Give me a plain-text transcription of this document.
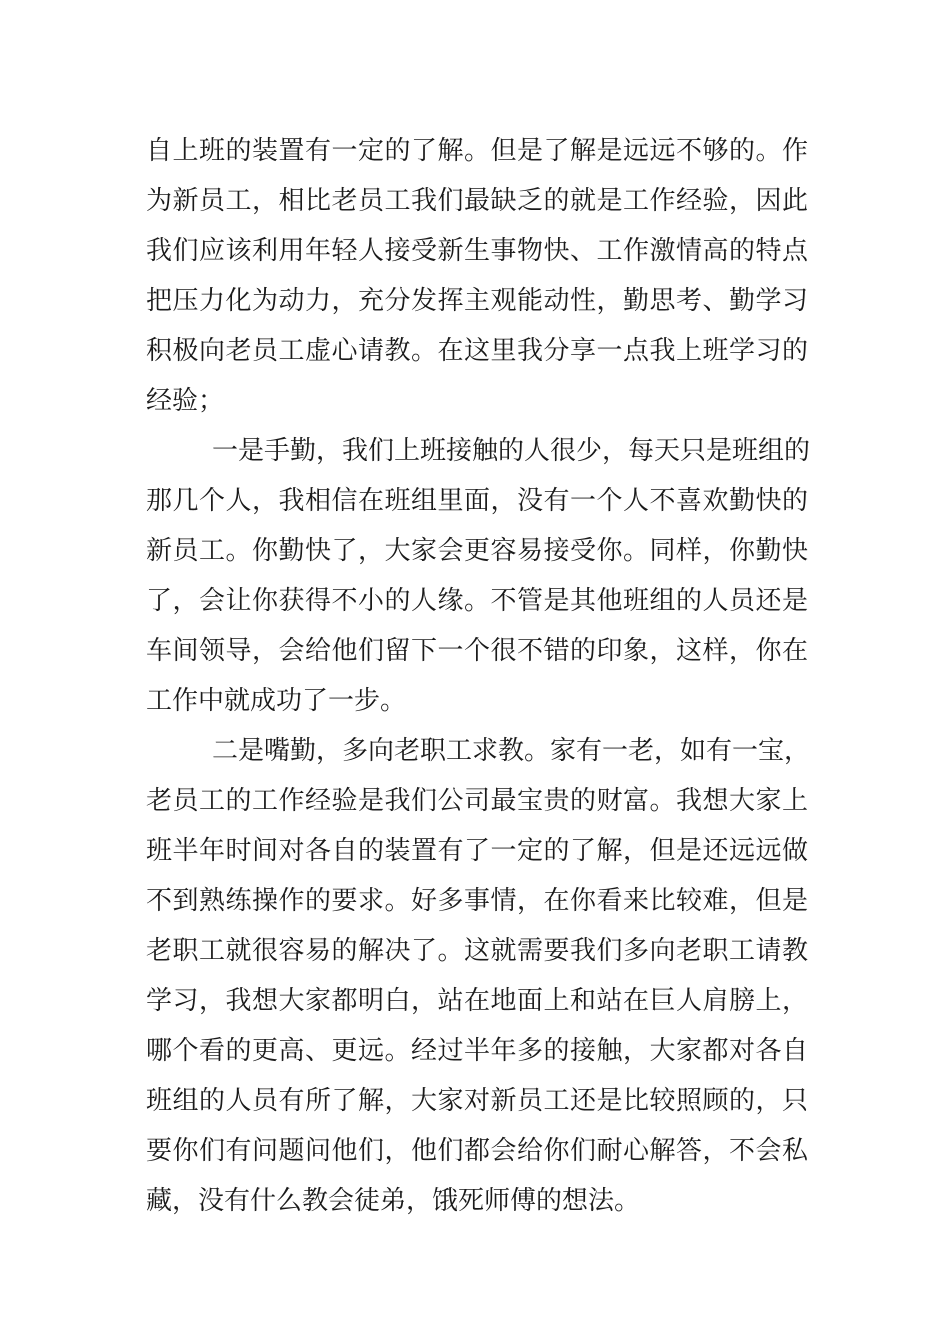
自上班的装置有一定的了解。但是了解是远远不够的。作
为新员工，相比老员工我们最缺乏的就是工作经验，因此
我们应该利用年轻人接受新生事物快、工作激情高的特点
把压力化为动力，充分发挥主观能动性，勤思考、勤学习
积极向老员工虚心请教。在这里我分享一点我上班学习的
经验；
一是手勤，我们上班接触的人很少，每天只是班组的
那几个人，我相信在班组里面，没有一个人不喜欢勤快的
新员工。你勤快了，大家会更容易接受你。同样，你勤快
了，会让你获得不小的人缘。不管是其他班组的人员还是
车间领导，会给他们留下一个很不错的印象，这样，你在
工作中就成功了一步。
二是嘴勤，多向老职工求教。家有一老，如有一宝，
老员工的工作经验是我们公司最宝贵的财富。我想大家上
班半年时间对各自的装置有了一定的了解，但是还远远做
不到熟练操作的要求。好多事情，在你看来比较难，但是
老职工就很容易的解决了。这就需要我们多向老职工请教
学习，我想大家都明白，站在地面上和站在巨人肩膀上，
哪个看的更高、更远。经过半年多的接触，大家都对各自
班组的人员有所了解，大家对新员工还是比较照顾的，只
要你们有问题问他们，他们都会给你们耐心解答，不会私
藏，没有什么教会徒弟，饿死师傅的想法。
